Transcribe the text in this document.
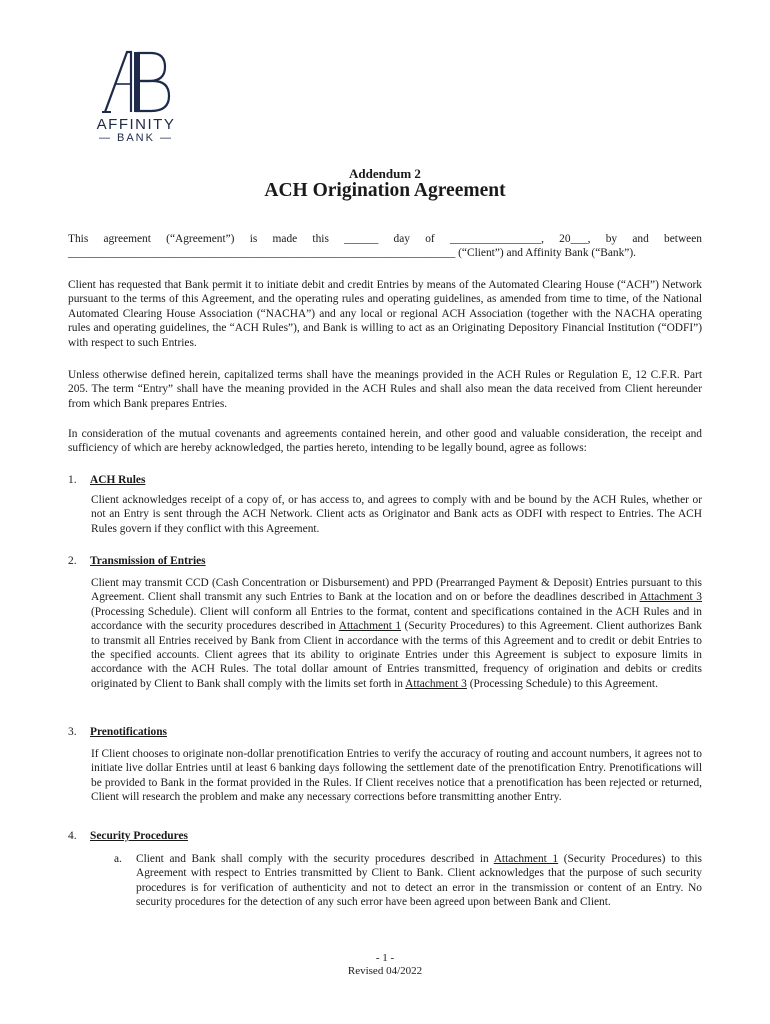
AFFINITY
— BANK —
Addendum 2
ACH Origination Agreement
This agreement (“Agreement”) is made this ______ day of ________________, 20___, by and between ____________________________________________________________________ (“Client”) and Affinity Bank (“Bank”).
Client has requested that Bank permit it to initiate debit and credit Entries by means of the Automated Clearing House (“ACH”) Network pursuant to the terms of this Agreement, and the operating rules and operating guidelines, as amended from time to time, of the National Automated Clearing House Association (“NACHA”) and any local or regional ACH Association (together with the NACHA operating rules and operating guidelines, the “ACH Rules”), and Bank is willing to act as an Originating Depository Financial Institution (“ODFI”) with respect to such Entries.
Unless otherwise defined herein, capitalized terms shall have the meanings provided in the ACH Rules or Regulation E, 12 C.F.R. Part 205. The term “Entry” shall have the meaning provided in the ACH Rules and shall also mean the data received from Client hereunder from which Bank prepares Entries.
In consideration of the mutual covenants and agreements contained herein, and other good and valuable consideration, the receipt and sufficiency of which are hereby acknowledged, the parties hereto, intending to be legally bound, agree as follows:
1. ACH Rules
Client acknowledges receipt of a copy of, or has access to, and agrees to comply with and be bound by the ACH Rules, whether or not an Entry is sent through the ACH Network. Client acts as Originator and Bank acts as ODFI with respect to Entries. The ACH Rules govern if they conflict with this Agreement.
2. Transmission of Entries
Client may transmit CCD (Cash Concentration or Disbursement) and PPD (Prearranged Payment & Deposit) Entries pursuant to this Agreement. Client shall transmit any such Entries to Bank at the location and on or before the deadlines described in Attachment 3 (Processing Schedule). Client will conform all Entries to the format, content and specifications contained in the ACH Rules and in accordance with the security procedures described in Attachment 1 (Security Procedures) to this Agreement. Client authorizes Bank to transmit all Entries received by Bank from Client in accordance with the terms of this Agreement and to credit or debit Entries to the specified accounts. Client agrees that its ability to originate Entries under this Agreement is subject to exposure limits in accordance with the ACH Rules. The total dollar amount of Entries transmitted, frequency of origination and debits or credits originated by Client to Bank shall comply with the limits set forth in Attachment 3 (Processing Schedule) to this Agreement.
3. Prenotifications
If Client chooses to originate non-dollar prenotification Entries to verify the accuracy of routing and account numbers, it agrees not to initiate live dollar Entries until at least 6 banking days following the settlement date of the prenotification Entry. Prenotifications will be provided to Bank in the format provided in the Rules. If Client receives notice that a prenotification has been rejected or returned, Client will research the problem and make any necessary corrections before transmitting another Entry.
4. Security Procedures
a. Client and Bank shall comply with the security procedures described in Attachment 1 (Security Procedures) to this Agreement with respect to Entries transmitted by Client to Bank. Client acknowledges that the purpose of such security procedures is for verification of authenticity and not to detect an error in the transmission or content of an Entry. No security procedures for the detection of any such error have been agreed upon between Bank and Client.
- 1 -
Revised 04/2022
